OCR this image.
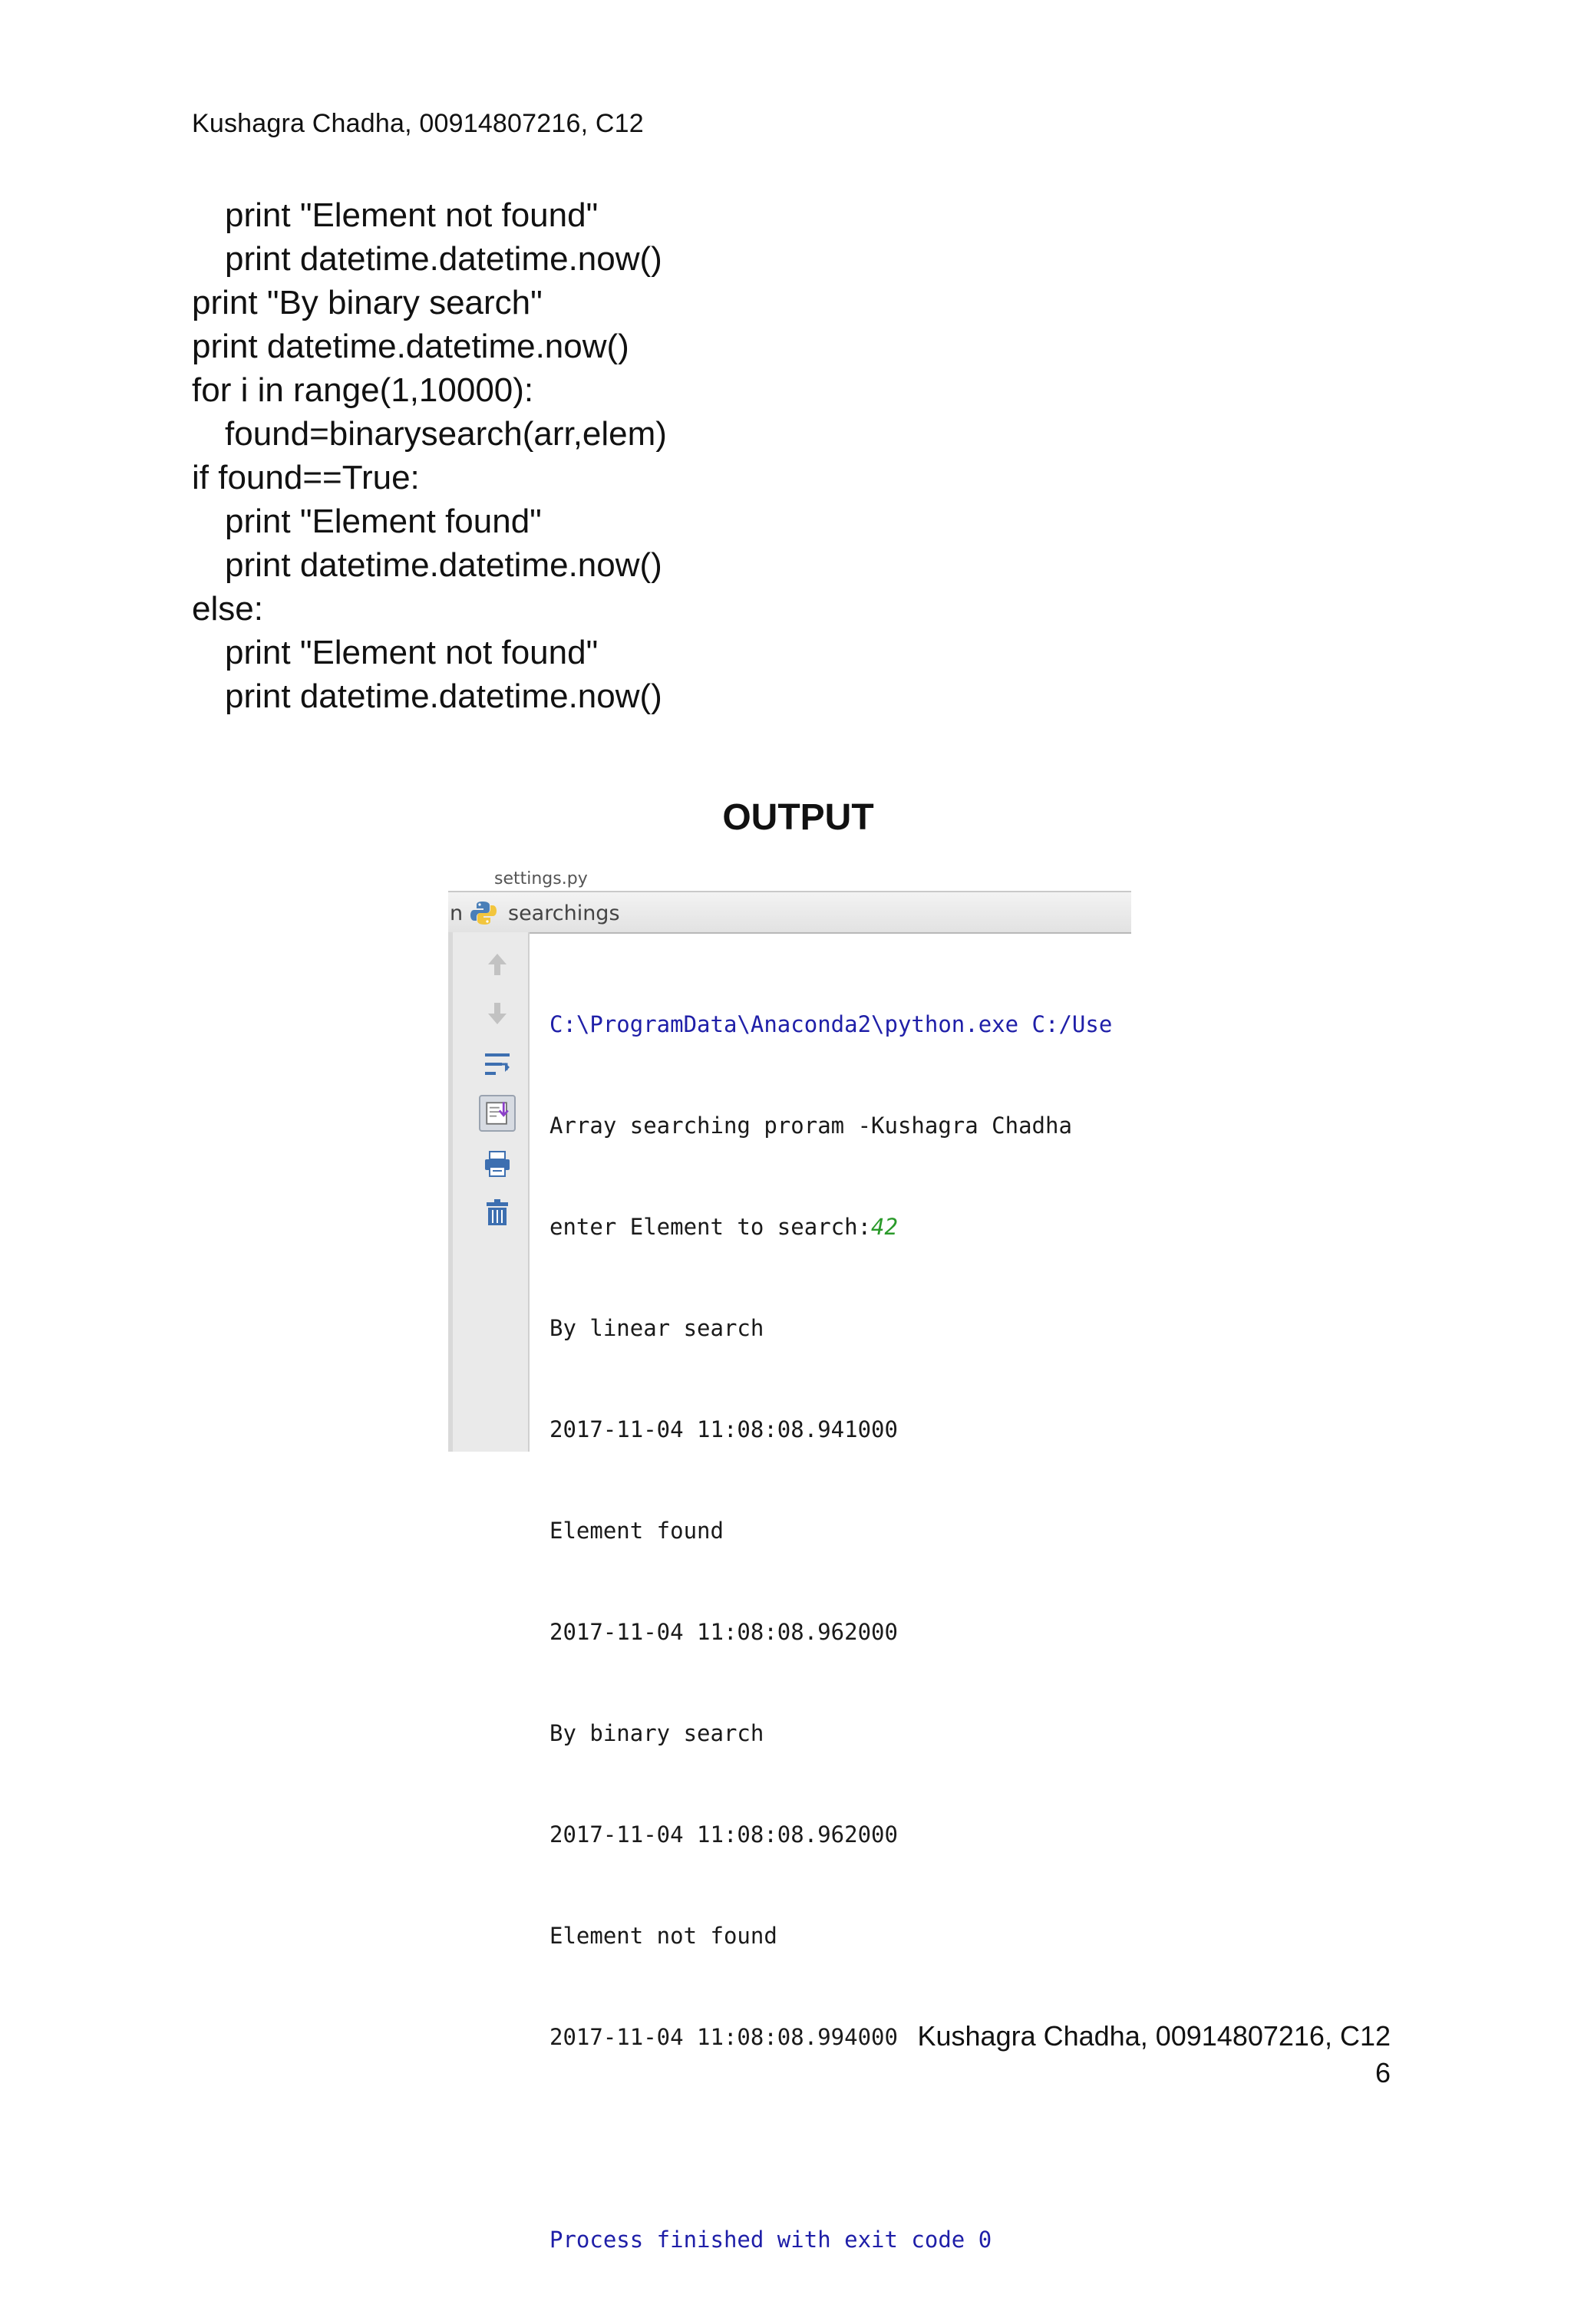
Kushagra Chadha, 00914807216, C12
print "Element not found"
print datetime.datetime.now()
print "By binary search"
print datetime.datetime.now()
for i in range(1,10000):
found=binarysearch(arr,elem)
if found==True:
print "Element found"
print datetime.datetime.now()
else:
print "Element not found"
print datetime.datetime.now()
OUTPUT
settings.py
n searchings

C:\ProgramData\Anaconda2\python.exe C:/Use

Array searching proram -Kushagra Chadha

enter Element to search:42

By linear search

2017-11-04 11:08:08.941000

Element found

2017-11-04 11:08:08.962000

By binary search

2017-11-04 11:08:08.962000

Element not found

2017-11-04 11:08:08.994000

Process finished with exit code 0

Kushagra Chadha, 00914807216, C12
6
